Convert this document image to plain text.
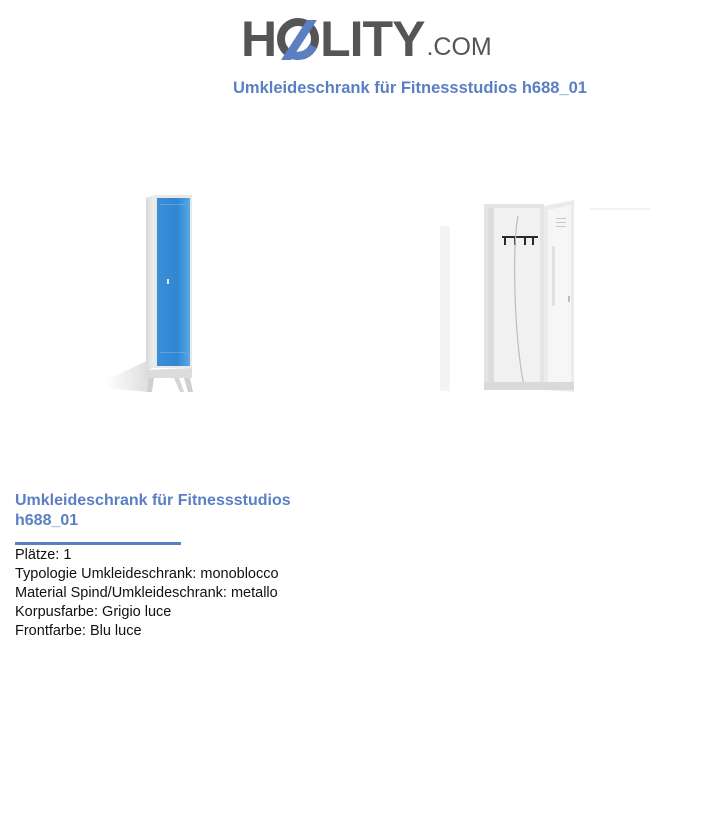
H LITY .COM
Umkleideschrank für Fitnessstudios h688_01
Umkleideschrank für Fitnessstudios h688_01
Plätze: 1
Typologie Umkleideschrank: monoblocco
Material Spind/Umkleideschrank: metallo
Korpusfarbe: Grigio luce
Frontfarbe: Blu luce
